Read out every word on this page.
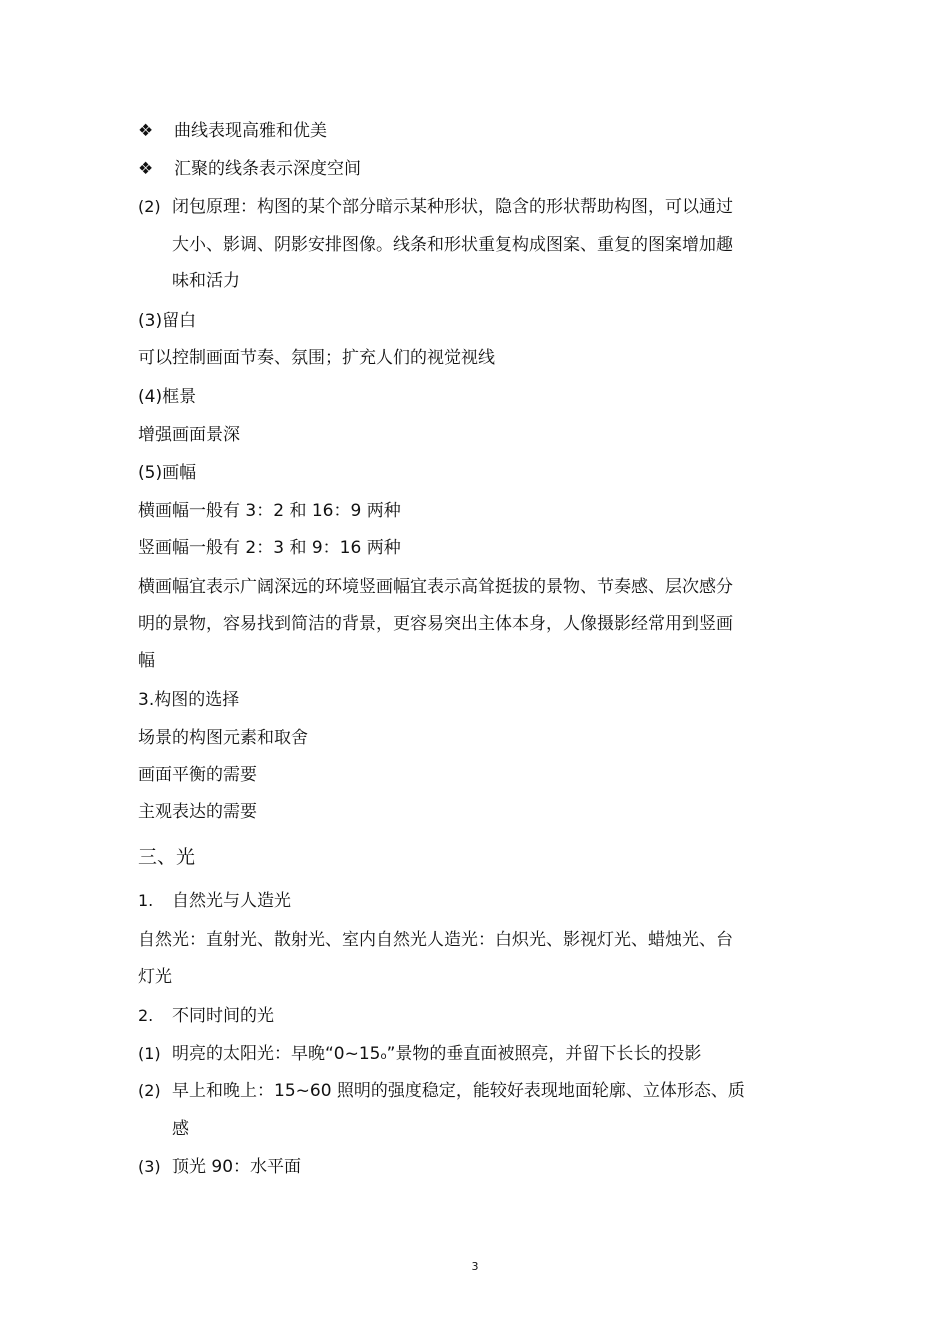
❖ 曲线表现高雅和优美
❖ 汇聚的线条表示深度空间
(2) 闭包原理：构图的某个部分暗示某种形状，隐含的形状帮助构图，可以通过
大小、影调、阴影安排图像。线条和形状重复构成图案、重复的图案增加趣
味和活力
(3)留白
可以控制画面节奏、氛围；扩充人们的视觉视线
(4)框景
增强画面景深
(5)画幅
横画幅一般有 3：2 和 16：9 两种
竖画幅一般有 2：3 和 9：16 两种
横画幅宜表示广阔深远的环境竖画幅宜表示高耸挺拔的景物、节奏感、层次感分
明的景物，容易找到简洁的背景，更容易突出主体本身，人像摄影经常用到竖画
幅
3.构图的选择
场景的构图元素和取舍
画面平衡的需要
主观表达的需要
三、光
1. 自然光与人造光
自然光：直射光、散射光、室内自然光人造光：白炽光、影视灯光、蜡烛光、台
灯光
2. 不同时间的光
(1) 明亮的太阳光：早晚“0~15o”景物的垂直面被照亮，并留下长长的投影
(2) 早上和晚上：15~60 照明的强度稳定，能较好表现地面轮廓、立体形态、质
感
(3) 顶光 90：水平面
3
